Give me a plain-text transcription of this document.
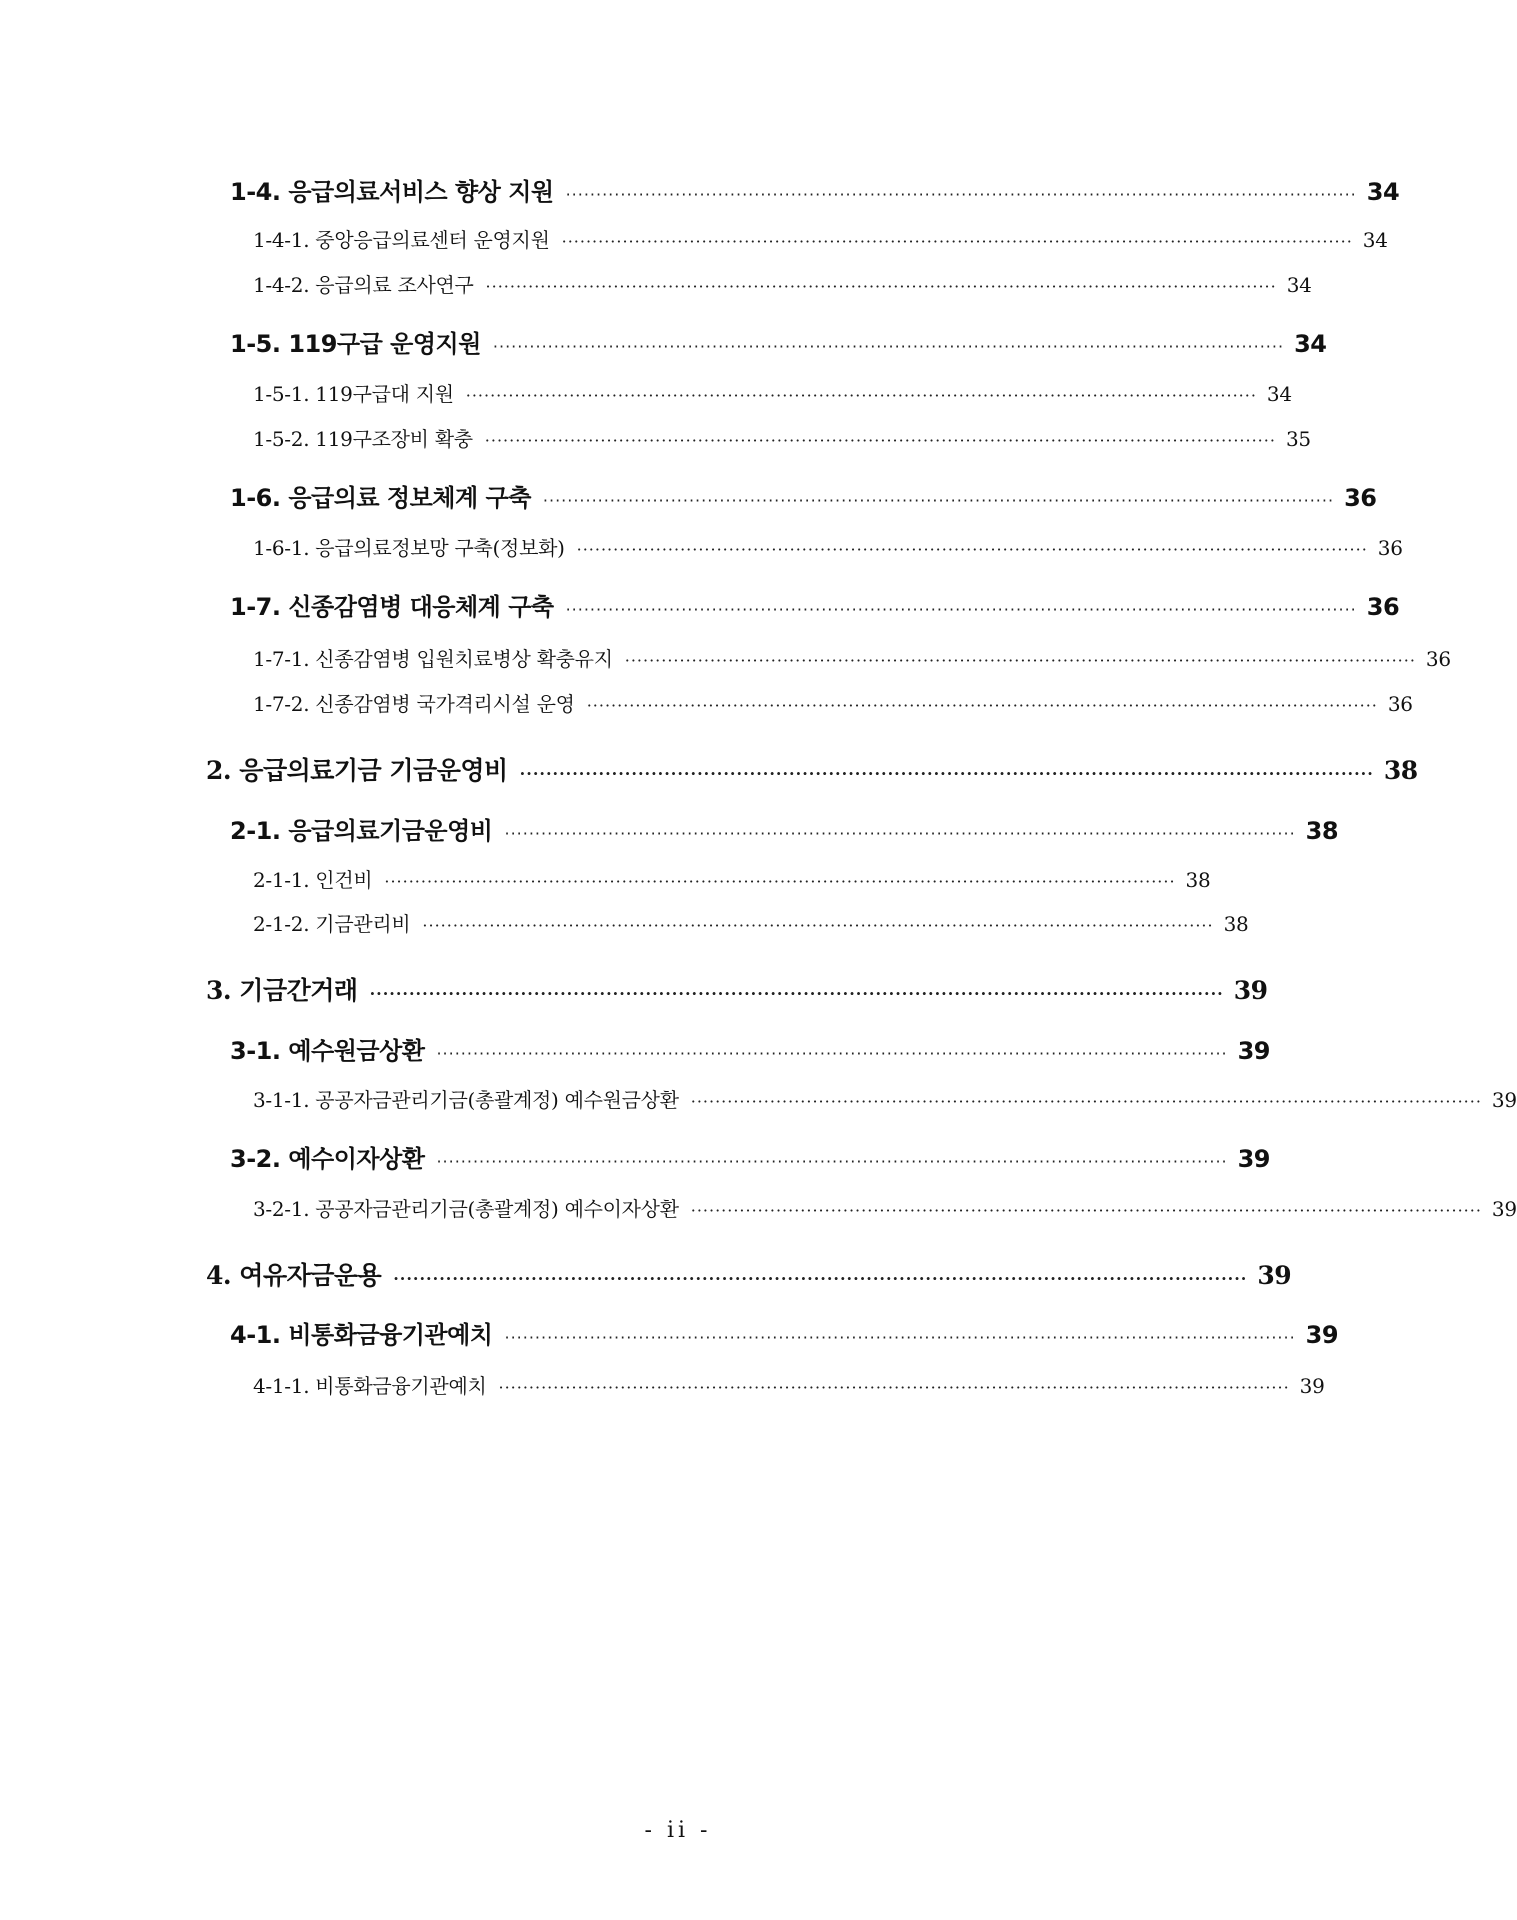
1-4. 응급의료서비스 향상 지원 ·································································································································· 34
1-4-1. 중앙응급의료센터 운영지원 ·································································································································· 34
1-4-2. 응급의료 조사연구 ·································································································································· 34
1-5. 119구급 운영지원 ·································································································································· 34
1-5-1. 119구급대 지원 ·································································································································· 34
1-5-2. 119구조장비 확충 ·································································································································· 35
1-6. 응급의료 정보체계 구축 ·································································································································· 36
1-6-1. 응급의료정보망 구축(정보화) ·································································································································· 36
1-7. 신종감염병 대응체계 구축 ·································································································································· 36
1-7-1. 신종감염병 입원치료병상 확충유지 ·································································································································· 36
1-7-2. 신종감염병 국가격리시설 운영 ·································································································································· 36
2. 응급의료기금 기금운영비 ·································································································································· 38
2-1. 응급의료기금운영비 ·································································································································· 38
2-1-1. 인건비 ·································································································································· 38
2-1-2. 기금관리비 ·································································································································· 38
3. 기금간거래 ·································································································································· 39
3-1. 예수원금상환 ·································································································································· 39
3-1-1. 공공자금관리기금(총괄계정) 예수원금상환 ·································································································································· 39
3-2. 예수이자상환 ·································································································································· 39
3-2-1. 공공자금관리기금(총괄계정) 예수이자상환 ·································································································································· 39
4. 여유자금운용 ·································································································································· 39
4-1. 비통화금융기관예치 ·································································································································· 39
4-1-1. 비통화금융기관예치 ·································································································································· 39
- ii -
